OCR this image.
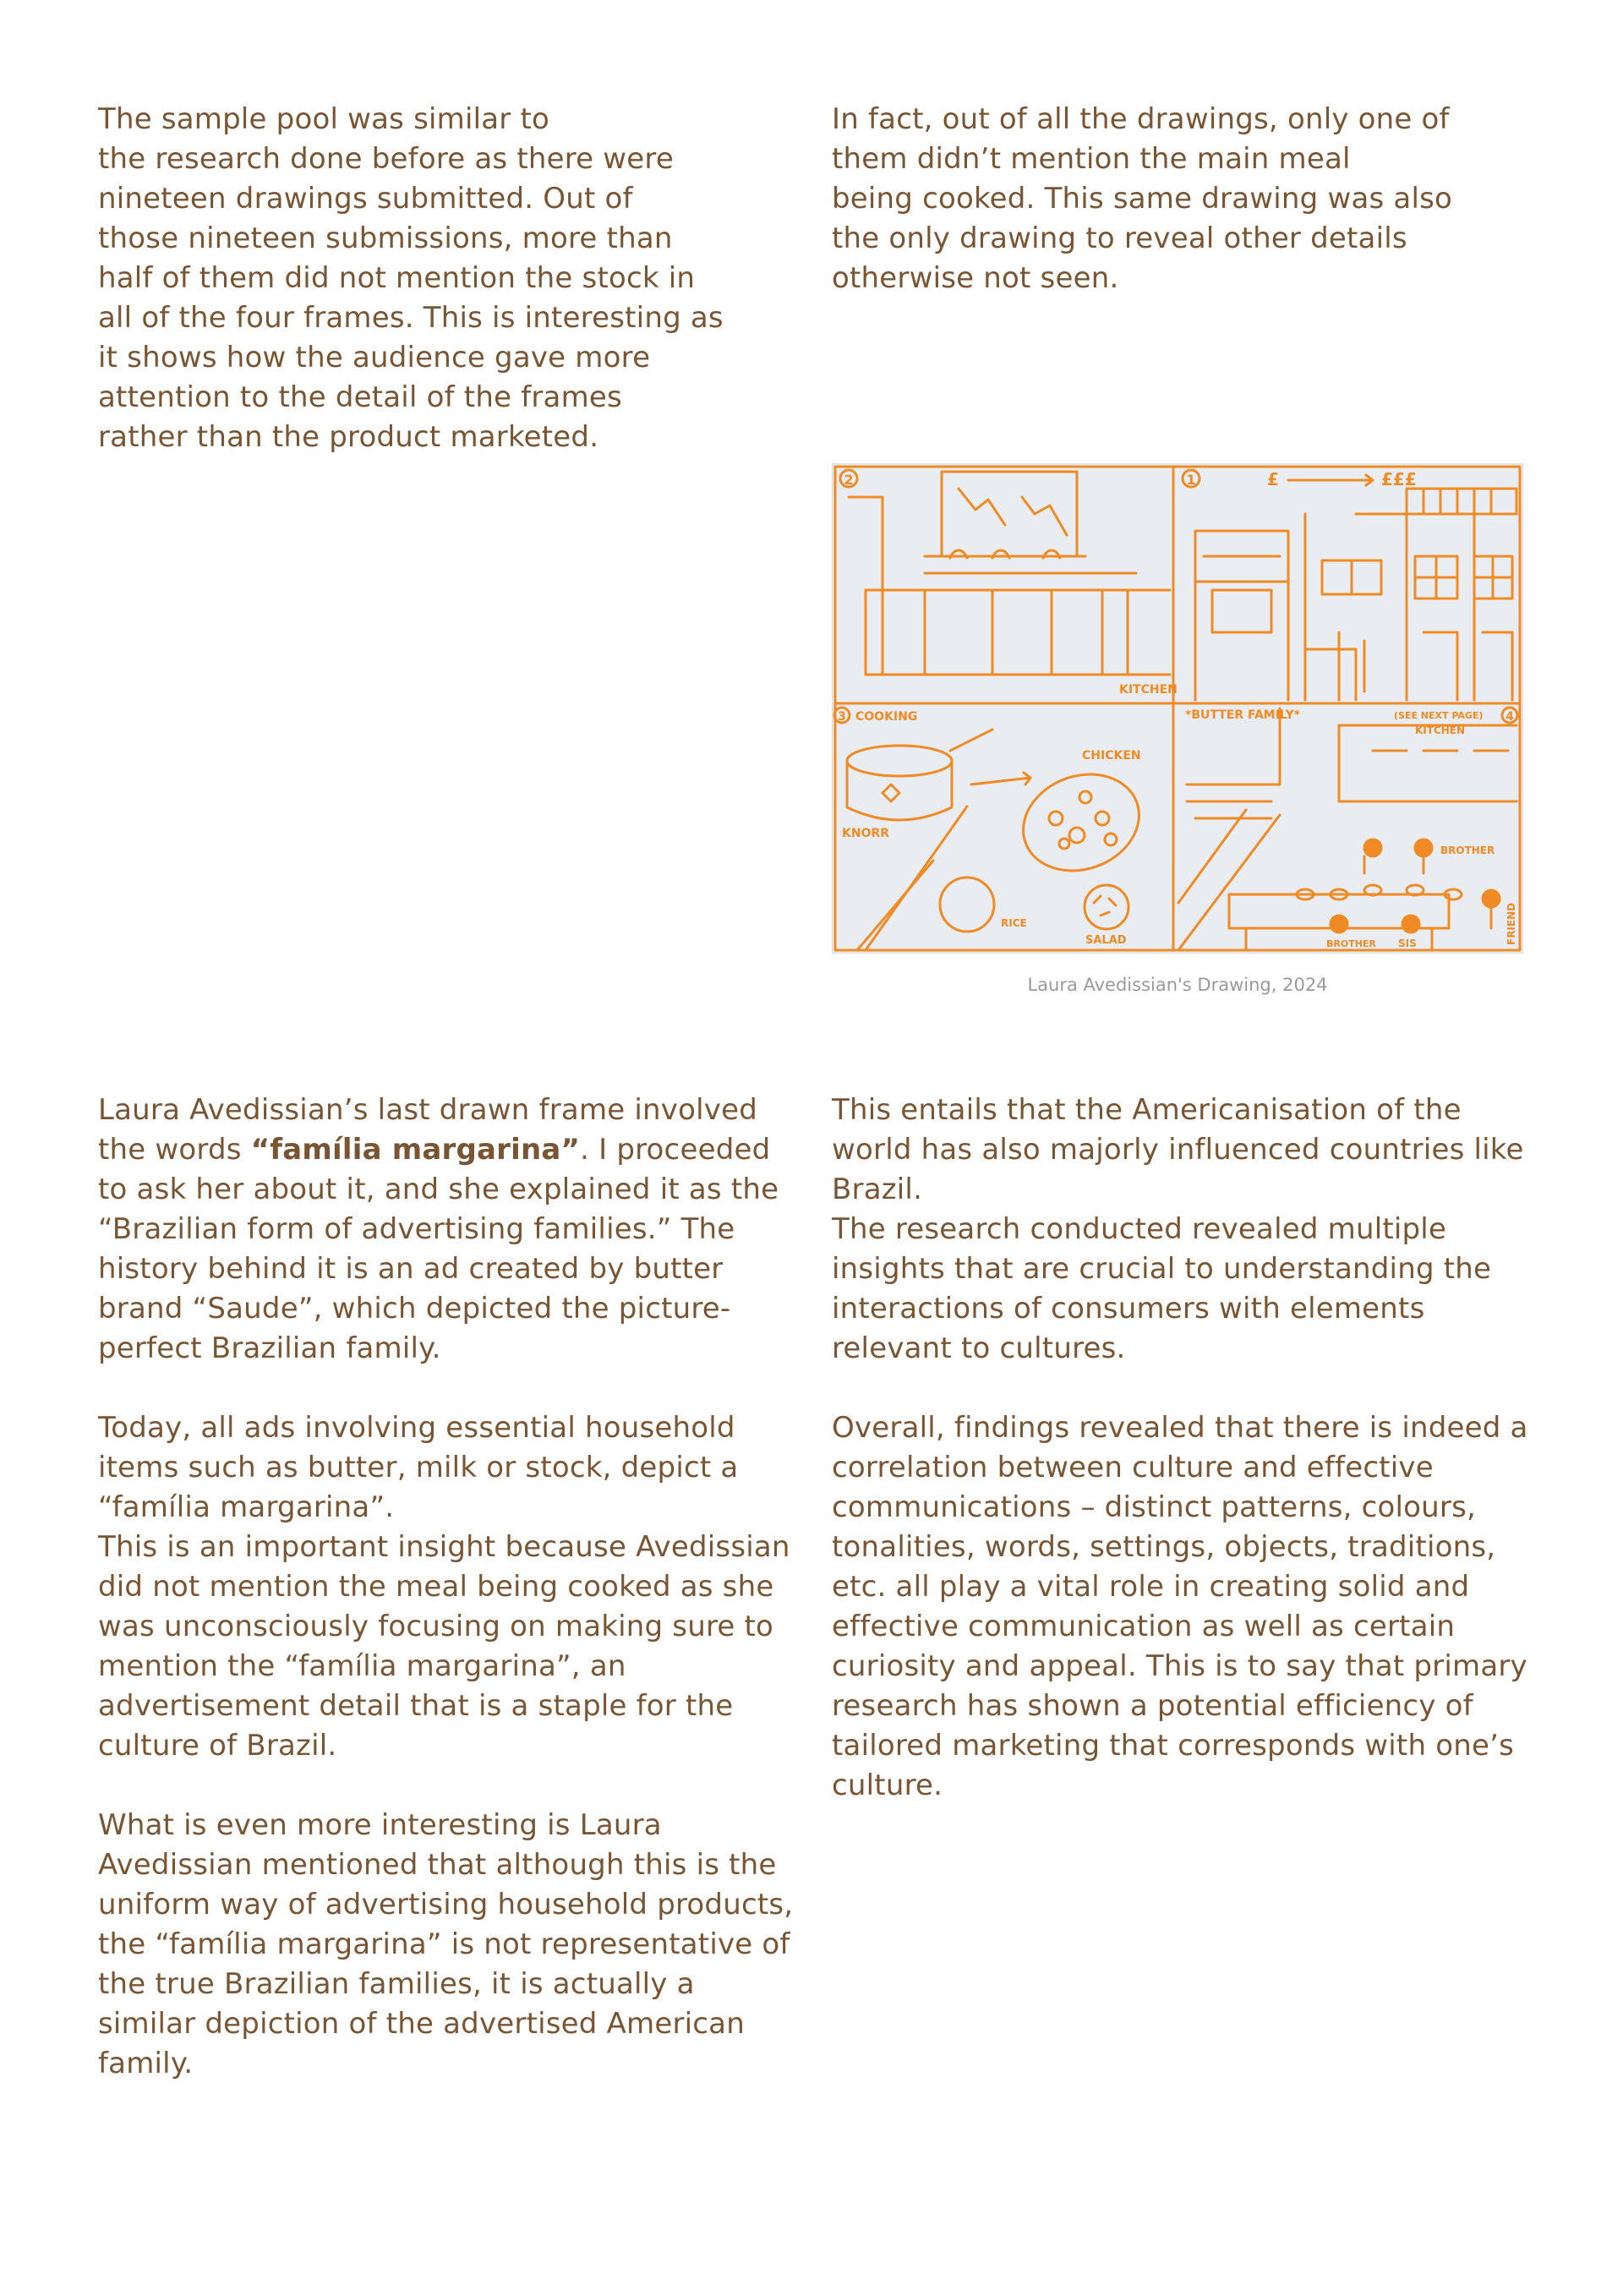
The sample pool was similar to
the research done before as there were
nineteen drawings submitted. Out of
those nineteen submissions, more than
half of them did not mention the stock in
all of the four frames. This is interesting as
it shows how the audience gave more
attention to the detail of the frames
rather than the product marketed.

In fact, out of all the drawings, only one of
them didn’t mention the main meal
being cooked. This same drawing was also
the only drawing to reveal other details
otherwise not seen.

2
KITCHEN
1	£	£££
3 COOKING
KNORR
CHICKEN
SALAD
RICE
4
*BUTTER FAMILY*	(SEE NEXT PAGE)
KITCHEN
BROTHER
BROTHER SIS	FRIEND
Laura Avedissian's Drawing, 2024

Laura Avedissian’s last drawn frame involved the words “família margarina”. I proceeded to ask her about it, and she explained it as the “Brazilian form of advertising families.” The history behind it is an ad created by butter brand “Saude”, which depicted the picture-perfect Brazilian family.

Today, all ads involving essential household items such as butter, milk or stock, depict a “família margarina”.

This is an important insight because Avedissian did not mention the meal being cooked as she was unconsciously focusing on making sure to mention the “família margarina”, an advertisement detail that is a staple for the culture of Brazil.

What is even more interesting is Laura Avedissian mentioned that although this is the uniform way of advertising household products, the “família margarina” is not representative of the true Brazilian families, it is actually a similar depiction of the advertised American family.

This entails that the Americanisation of the world has also majorly influenced countries like Brazil.

The research conducted revealed multiple insights that are crucial to understanding the interactions of consumers with elements relevant to cultures.

Overall, findings revealed that there is indeed a correlation between culture and effective communications – distinct patterns, colours, tonalities, words, settings, objects, traditions, etc. all play a vital role in creating solid and effective communication as well as certain curiosity and appeal. This is to say that primary research has shown a potential efficiency of tailored marketing that corresponds with one’s culture.
